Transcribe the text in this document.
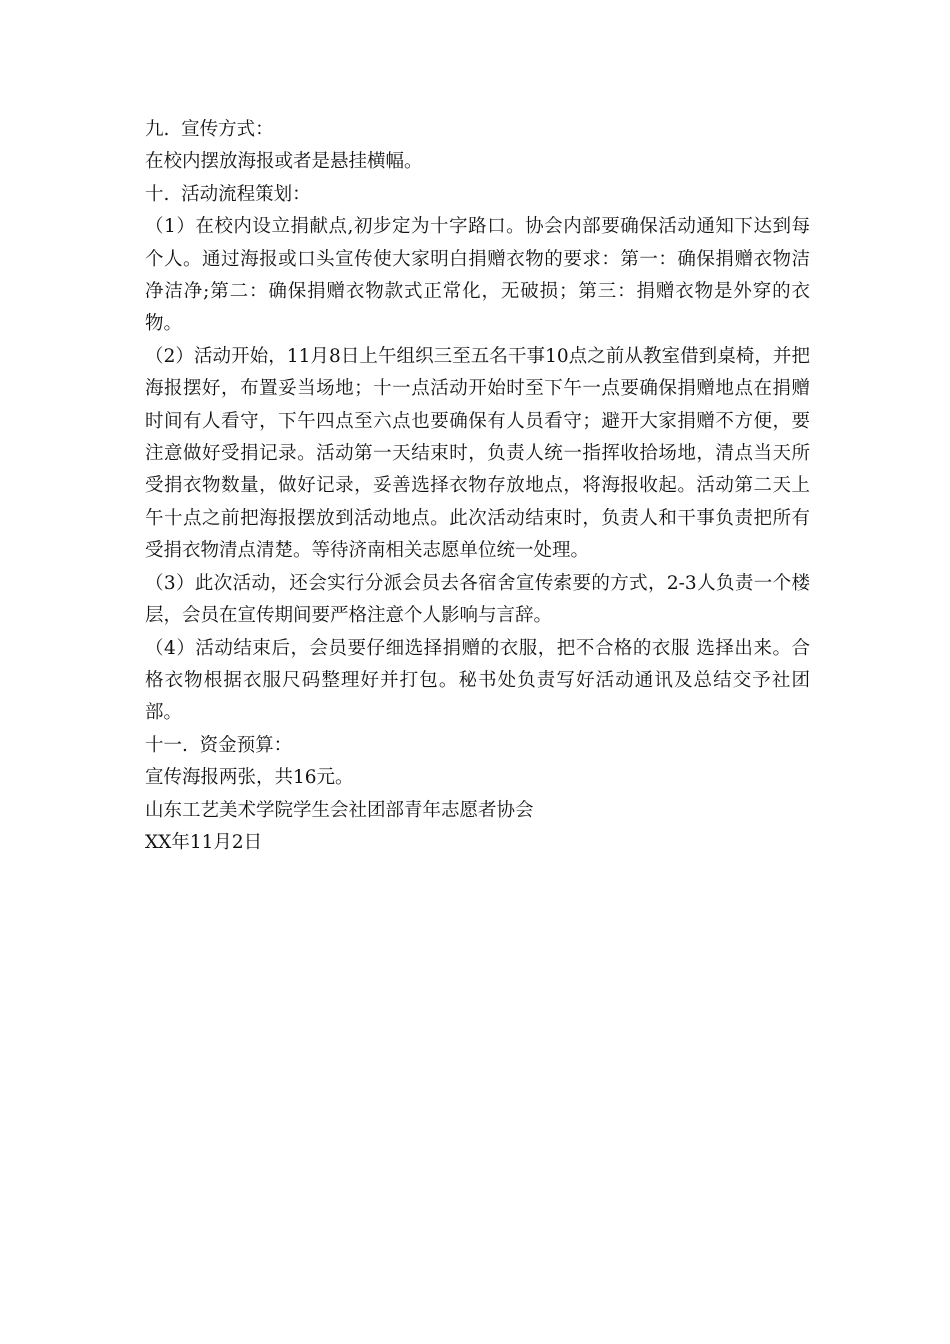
九.  宣传方式：

在校内摆放海报或者是悬挂横幅。

十.  活动流程策划：

（1）在校内设立捐献点,初步定为十字路口。协会内部要确保活动通知下达到每个人。通过海报或口头宣传使大家明白捐赠衣物的要求：第一：确保捐赠衣物洁净洁净;第二：确保捐赠衣物款式正常化，无破损；第三：捐赠衣物是外穿的衣物。

（2）活动开始，11月8日上午组织三至五名干事10点之前从教室借到桌椅，并把海报摆好，布置妥当场地；十一点活动开始时至下午一点要确保捐赠地点在捐赠时间有人看守，下午四点至六点也要确保有人员看守；避开大家捐赠不方便，要注意做好受捐记录。活动第一天结束时，负责人统一指挥收拾场地，清点当天所受捐衣物数量，做好记录，妥善选择衣物存放地点，将海报收起。活动第二天上午十点之前把海报摆放到活动地点。此次活动结束时，负责人和干事负责把所有受捐衣物清点清楚。等待济南相关志愿单位统一处理。

（3）此次活动，还会实行分派会员去各宿舍宣传索要的方式，2-3人负责一个楼层，会员在宣传期间要严格注意个人影响与言辞。

（4）活动结束后，会员要仔细选择捐赠的衣服，把不合格的衣服 选择出来。合格衣物根据衣服尺码整理好并打包。秘书处负责写好活动通讯及总结交予社团部。

十一.  资金预算：

宣传海报两张，共16元。

山东工艺美术学院学生会社团部青年志愿者协会

XX年11月2日
